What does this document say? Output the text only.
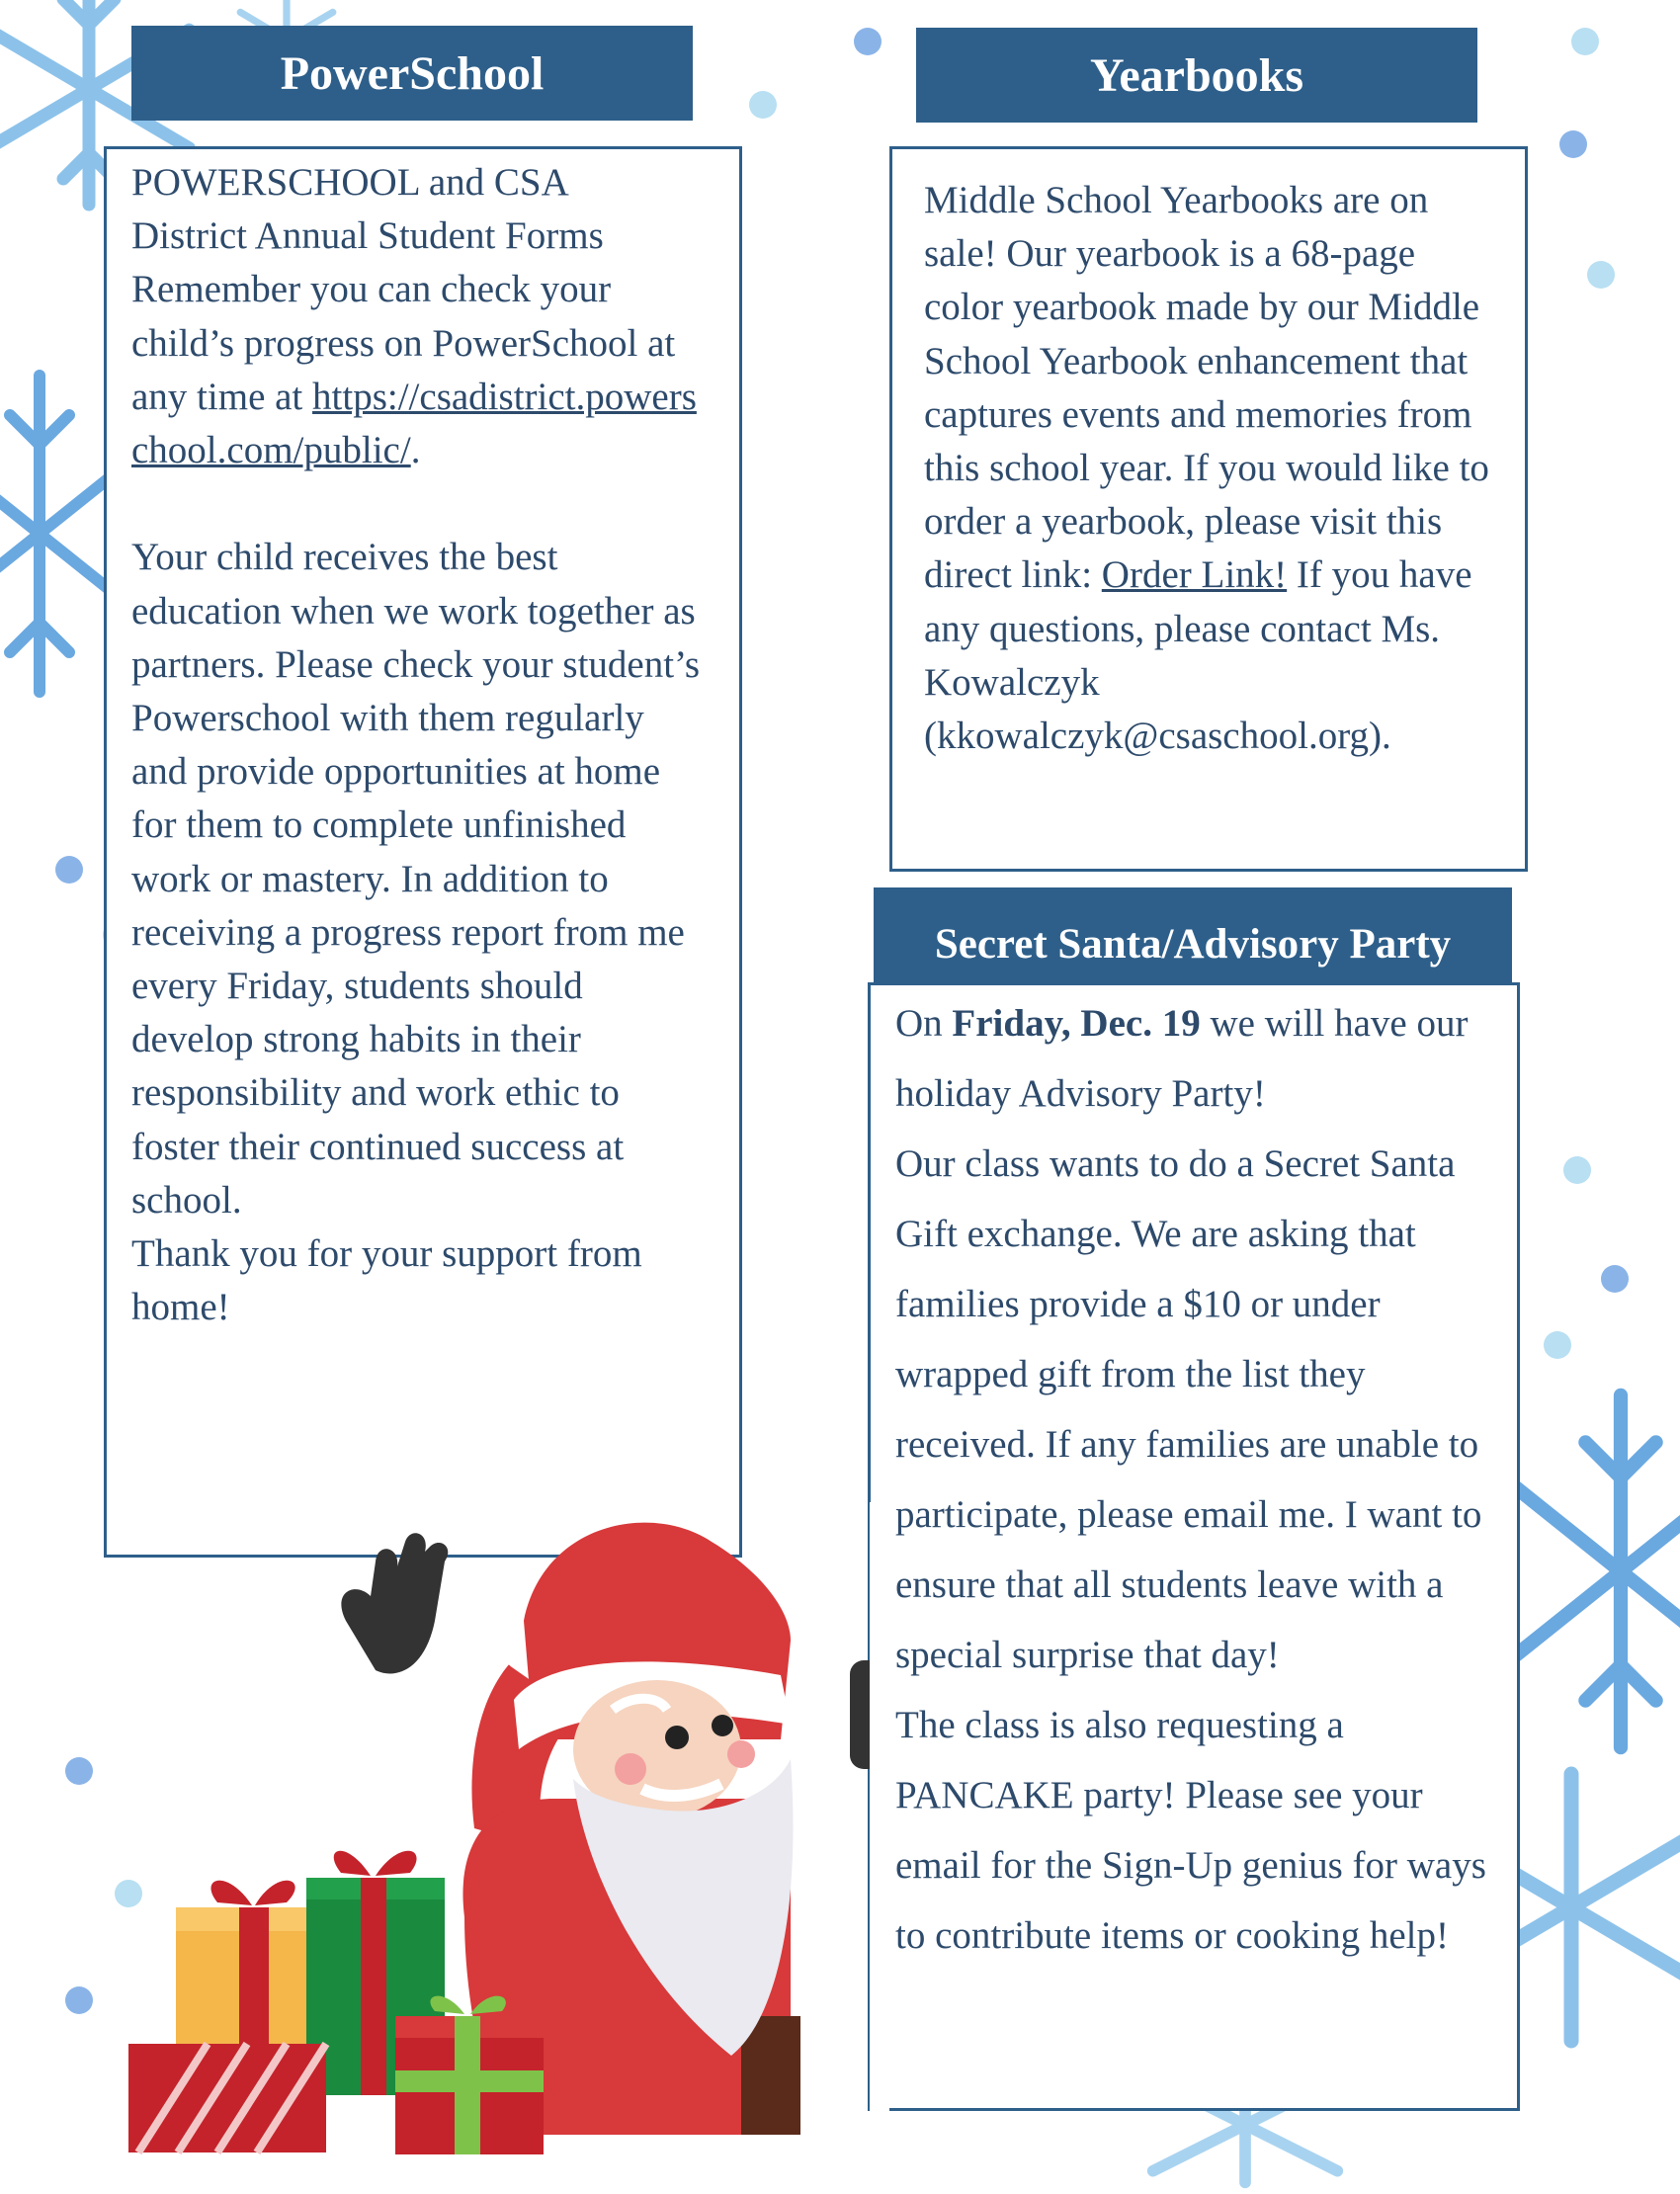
PowerSchool

POWERSCHOOL and CSA

District Annual Student Forms

Remember you can check your child’s progress on PowerSchool at any time at https://csadistrict.powerschool.com/public/.

Your child receives the best education when we work together as partners. Please check your student’s Powerschool with them regularly and provide opportunities at home for them to complete unfinished work or mastery. In addition to receiving a progress report from me every Friday, students should develop strong habits in their responsibility and work ethic to foster their continued success at school.

Thank you for your support from home!

Yearbooks

Middle School Yearbooks are on sale! Our yearbook is a 68-page color yearbook made by our Middle School Yearbook enhancement that captures events and memories from this school year. If you would like to order a yearbook, please visit this direct link: Order Link! If you have any questions, please contact Ms. Kowalczyk (kkowalczyk@csaschool.org).

Secret Santa/Advisory Party

On Friday, Dec. 19 we will have our holiday Advisory Party!

Our class wants to do a Secret Santa Gift exchange. We are asking that families provide a $10 or under wrapped gift from the list they received. If any families are unable to participate, please email me. I want to ensure that all students leave with a special surprise that day!

The class is also requesting a PANCAKE party! Please see your email for the Sign-Up genius for ways to contribute items or cooking help!
